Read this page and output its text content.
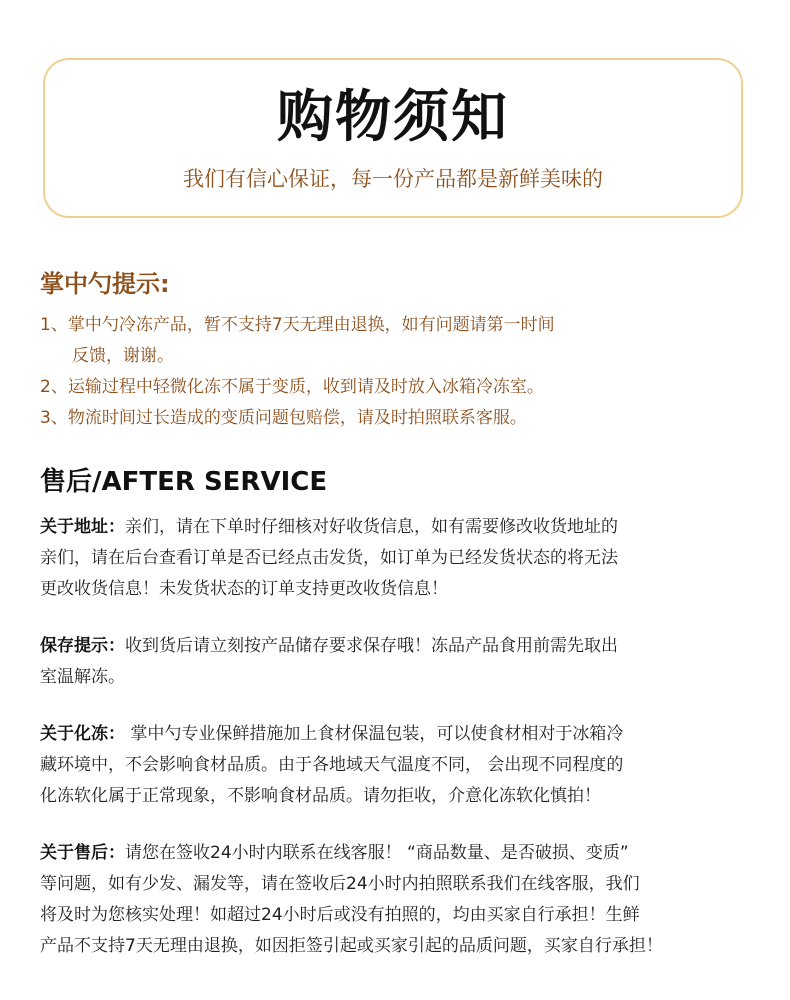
购物须知
我们有信心保证，每一份产品都是新鲜美味的
掌中勺提示:
1、掌中勺冷冻产品，暂不支持7天无理由退换，如有问题请第一时间
反馈，谢谢。
2、运输过程中轻微化冻不属于变质，收到请及时放入冰箱冷冻室。
3、物流时间过长造成的变质问题包赔偿，请及时拍照联系客服。
售后/AFTER SERVICE
关于地址：亲们，请在下单时仔细核对好收货信息，如有需要修改收货地址的
亲们，请在后台查看订单是否已经点击发货，如订单为已经发货状态的将无法
更改收货信息！未发货状态的订单支持更改收货信息！
保存提示：收到货后请立刻按产品储存要求保存哦！冻品产品食用前需先取出
室温解冻。
关于化冻： 掌中勺专业保鲜措施加上食材保温包装，可以使食材相对于冰箱冷
藏环境中，不会影响食材品质。由于各地域天气温度不同， 会出现不同程度的
化冻软化属于正常现象，不影响食材品质。请勿拒收，介意化冻软化慎拍！
关于售后：请您在签收24小时内联系在线客服！ “商品数量、是否破损、变质”
等问题，如有少发、漏发等，请在签收后24小时内拍照联系我们在线客服，我们
将及时为您核实处理！如超过24小时后或没有拍照的，均由买家自行承担！生鲜
产品不支持7天无理由退换，如因拒签引起或买家引起的品质问题，买家自行承担！
